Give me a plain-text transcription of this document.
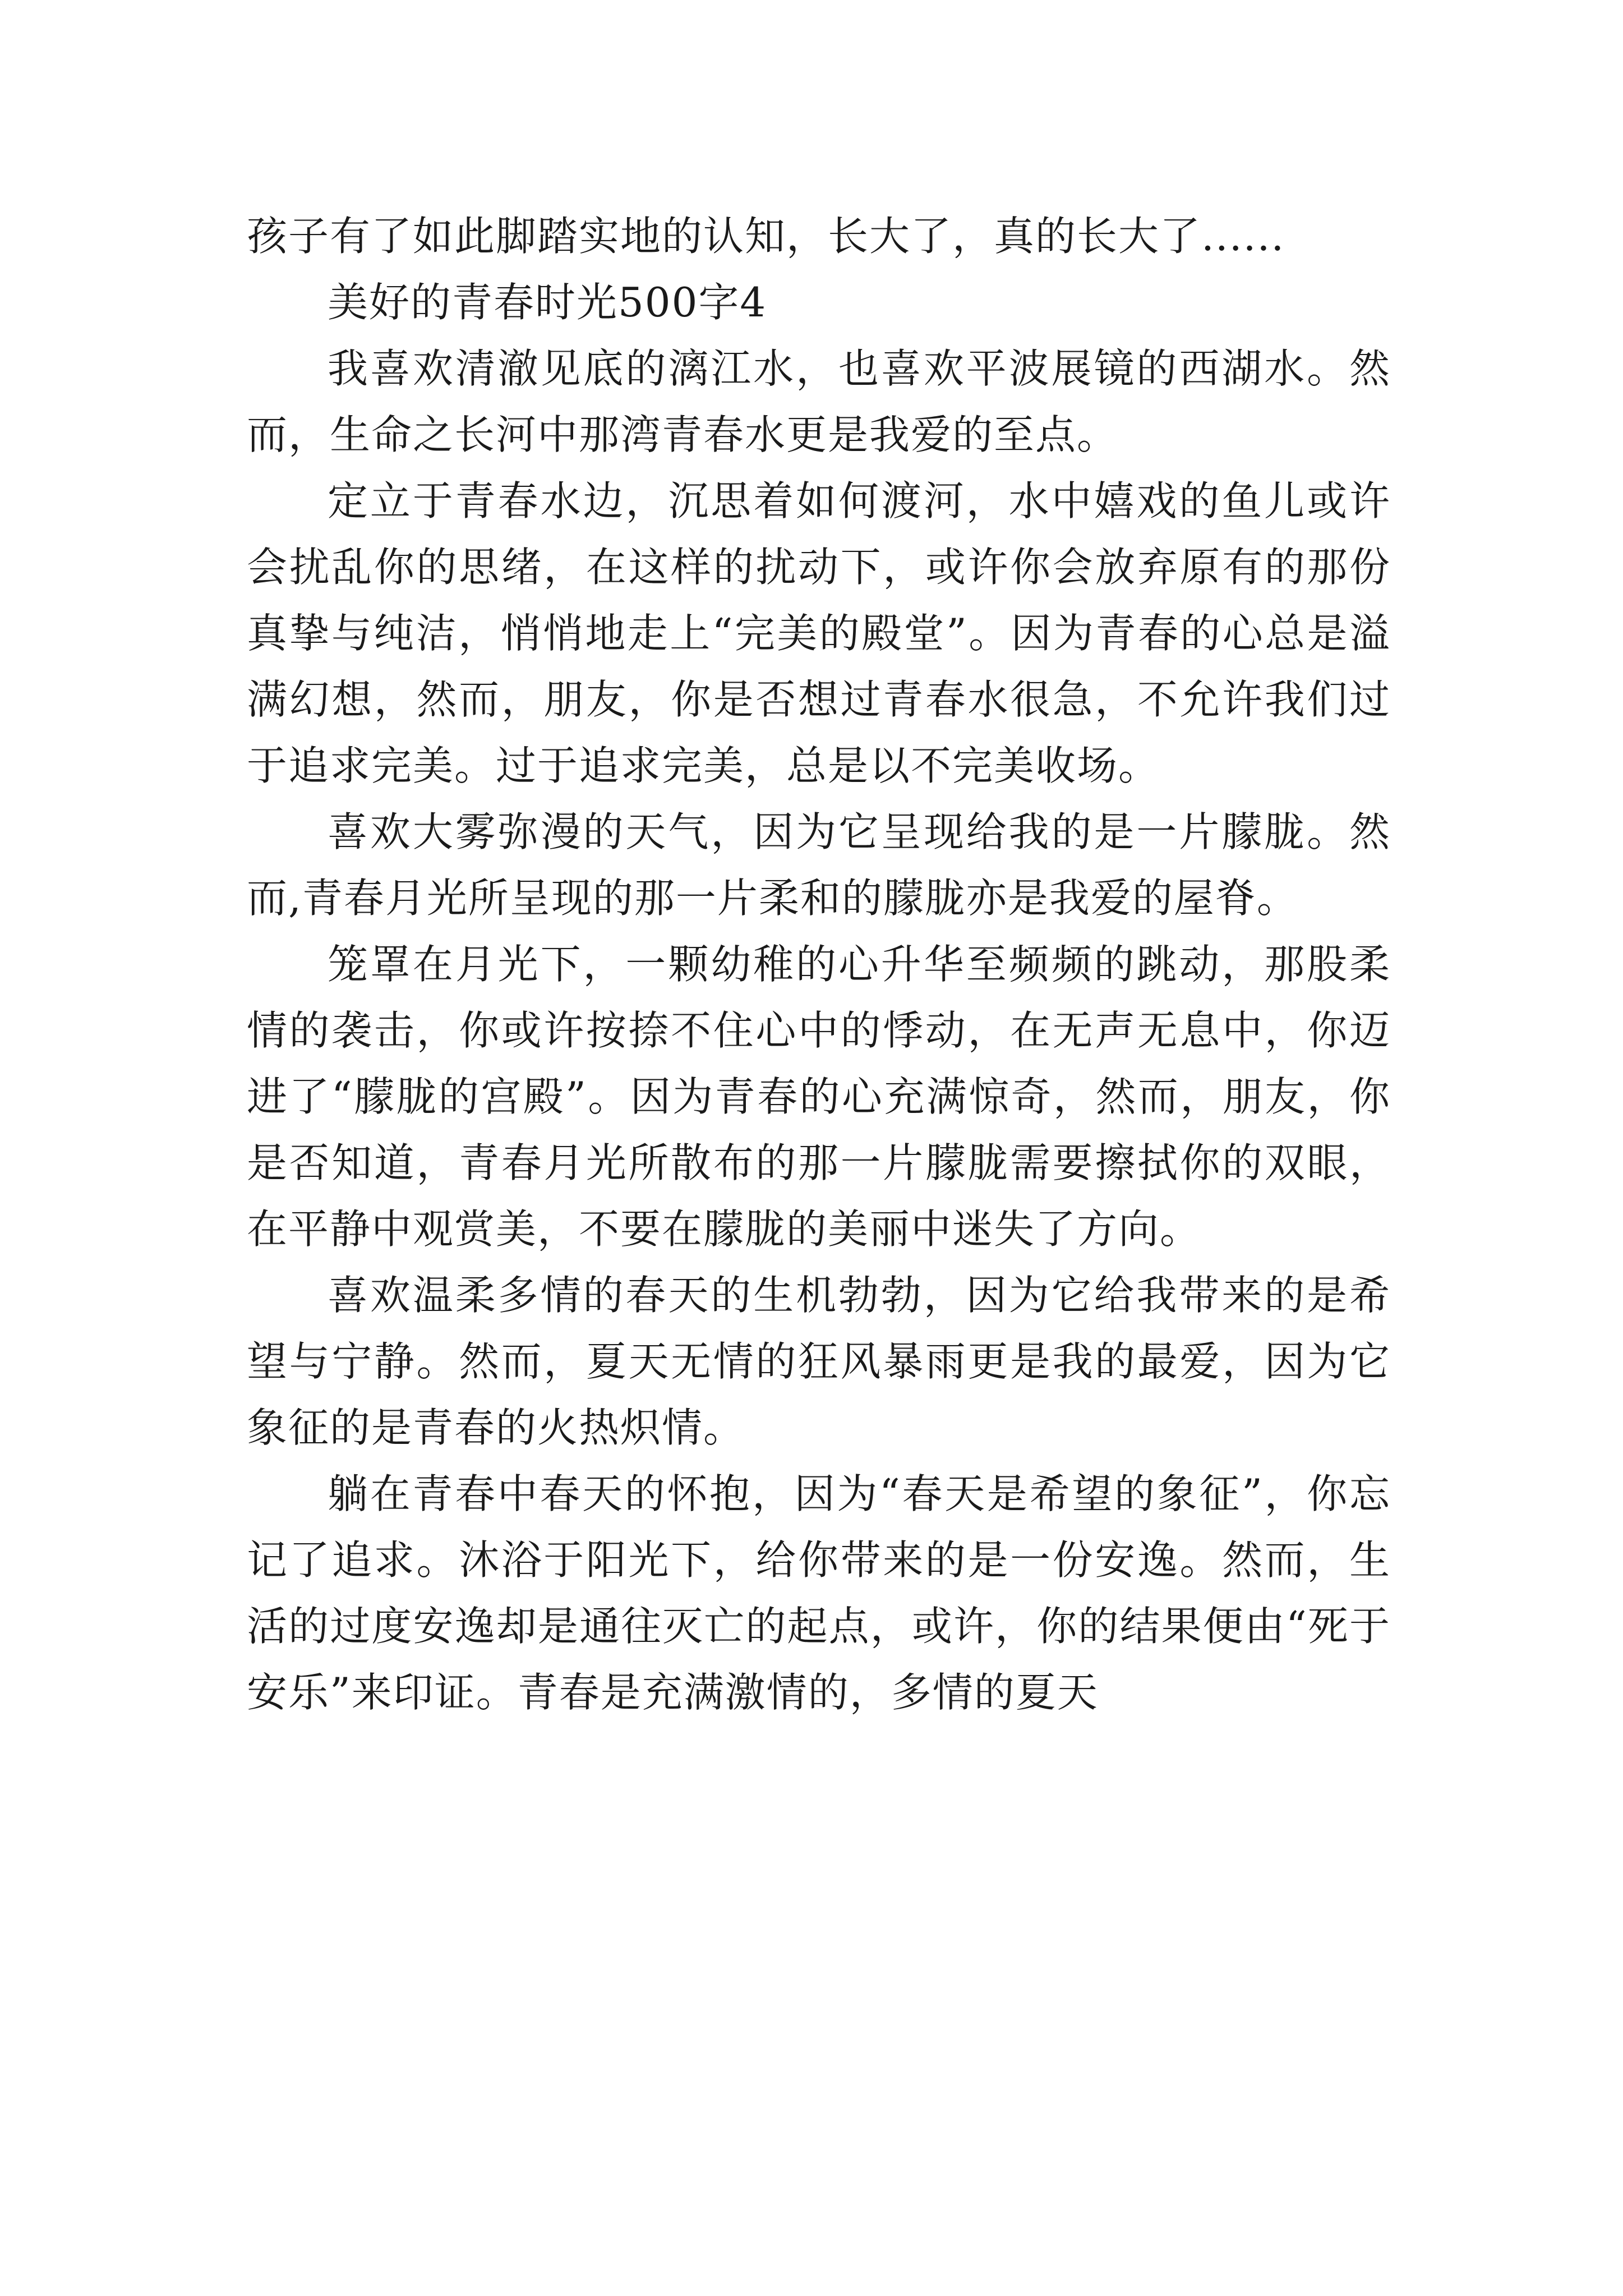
孩子有了如此脚踏实地的认知，长大了，真的长大了......

美好的青春时光500字4

我喜欢清澈见底的漓江水，也喜欢平波展镜的西湖水。然而，生命之长河中那湾青春水更是我爱的至点。

定立于青春水边，沉思着如何渡河，水中嬉戏的鱼儿或许会扰乱你的思绪，在这样的扰动下，或许你会放弃原有的那份真挚与纯洁，悄悄地走上“完美的殿堂”。因为青春的心总是溢满幻想，然而，朋友，你是否想过青春水很急，不允许我们过于追求完美。过于追求完美，总是以不完美收场。

喜欢大雾弥漫的天气，因为它呈现给我的是一片朦胧。然而,青春月光所呈现的那一片柔和的朦胧亦是我爱的屋脊。

笼罩在月光下，一颗幼稚的心升华至频频的跳动，那股柔情的袭击，你或许按捺不住心中的悸动，在无声无息中，你迈进了“朦胧的宫殿”。因为青春的心充满惊奇，然而，朋友，你是否知道，青春月光所散布的那一片朦胧需要擦拭你的双眼，在平静中观赏美，不要在朦胧的美丽中迷失了方向。

喜欢温柔多情的春天的生机勃勃，因为它给我带来的是希望与宁静。然而，夏天无情的狂风暴雨更是我的最爱，因为它象征的是青春的火热炽情。

躺在青春中春天的怀抱，因为“春天是希望的象征”，你忘记了追求。沐浴于阳光下，给你带来的是一份安逸。然而，生活的过度安逸却是通往灭亡的起点，或许，你的结果便由“死于安乐”来印证。青春是充满激情的，多情的夏天
